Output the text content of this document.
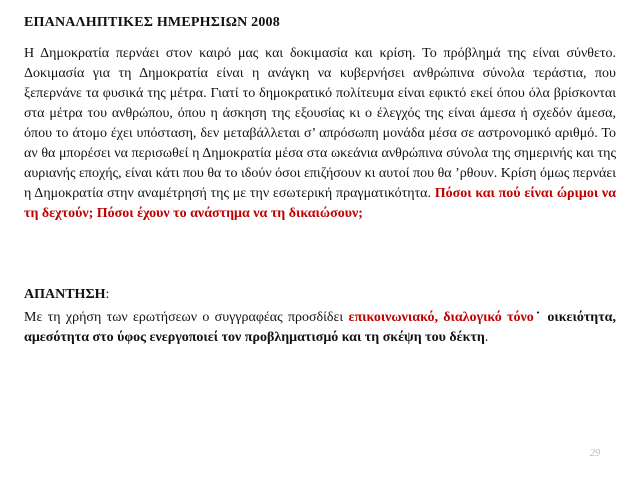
ΕΠΑΝΑΛΗΠΤΙΚΕΣ ΗΜΕΡΗΣΙΩΝ 2008
Η Δημοκρατία περνάει στον καιρό μας και δοκιμασία και κρίση. Το πρόβλημά της είναι σύνθετο. Δοκιμασία για τη Δημοκρατία είναι η ανάγκη να κυβερνήσει ανθρώπινα σύνολα τεράστια, που ξεπερνάνε τα φυσικά της μέτρα. Γιατί το δημοκρατικό πολίτευμα είναι εφικτό εκεί όπου όλα βρίσκονται στα μέτρα του ανθρώπου, όπου η άσκηση της εξουσίας κι ο έλεγχός της είναι άμεσα ή σχεδόν άμεσα, όπου το άτομο έχει υπόσταση, δεν μεταβάλλεται σ’ απρόσωπη μονάδα μέσα σε αστρονομικό αριθμό. Το αν θα μπορέσει να περισωθεί η Δημοκρατία μέσα στα ωκεάνια ανθρώπινα σύνολα της σημερινής και της αυριανής εποχής, είναι κάτι που θα το ιδούν όσοι επιζήσουν κι αυτοί που θα ’ρθουν. Κρίση όμως περνάει η Δημοκρατία στην αναμέτρησή της με την εσωτερική πραγματικότητα. Πόσοι και πού είναι ώριμοι να τη δεχτούν; Πόσοι έχουν το ανάστημα να τη δικαιώσουν;
ΑΠΑΝΤΗΣΗ:
Με τη χρήση των ερωτήσεων ο συγγραφέας προσδίδει επικοινωνιακό, διαλογικό τόνο˙ οικειότητα, αμεσότητα στο ύφος ενεργοποιεί τον προβληματισμό και τη σκέψη του δέκτη.
29
